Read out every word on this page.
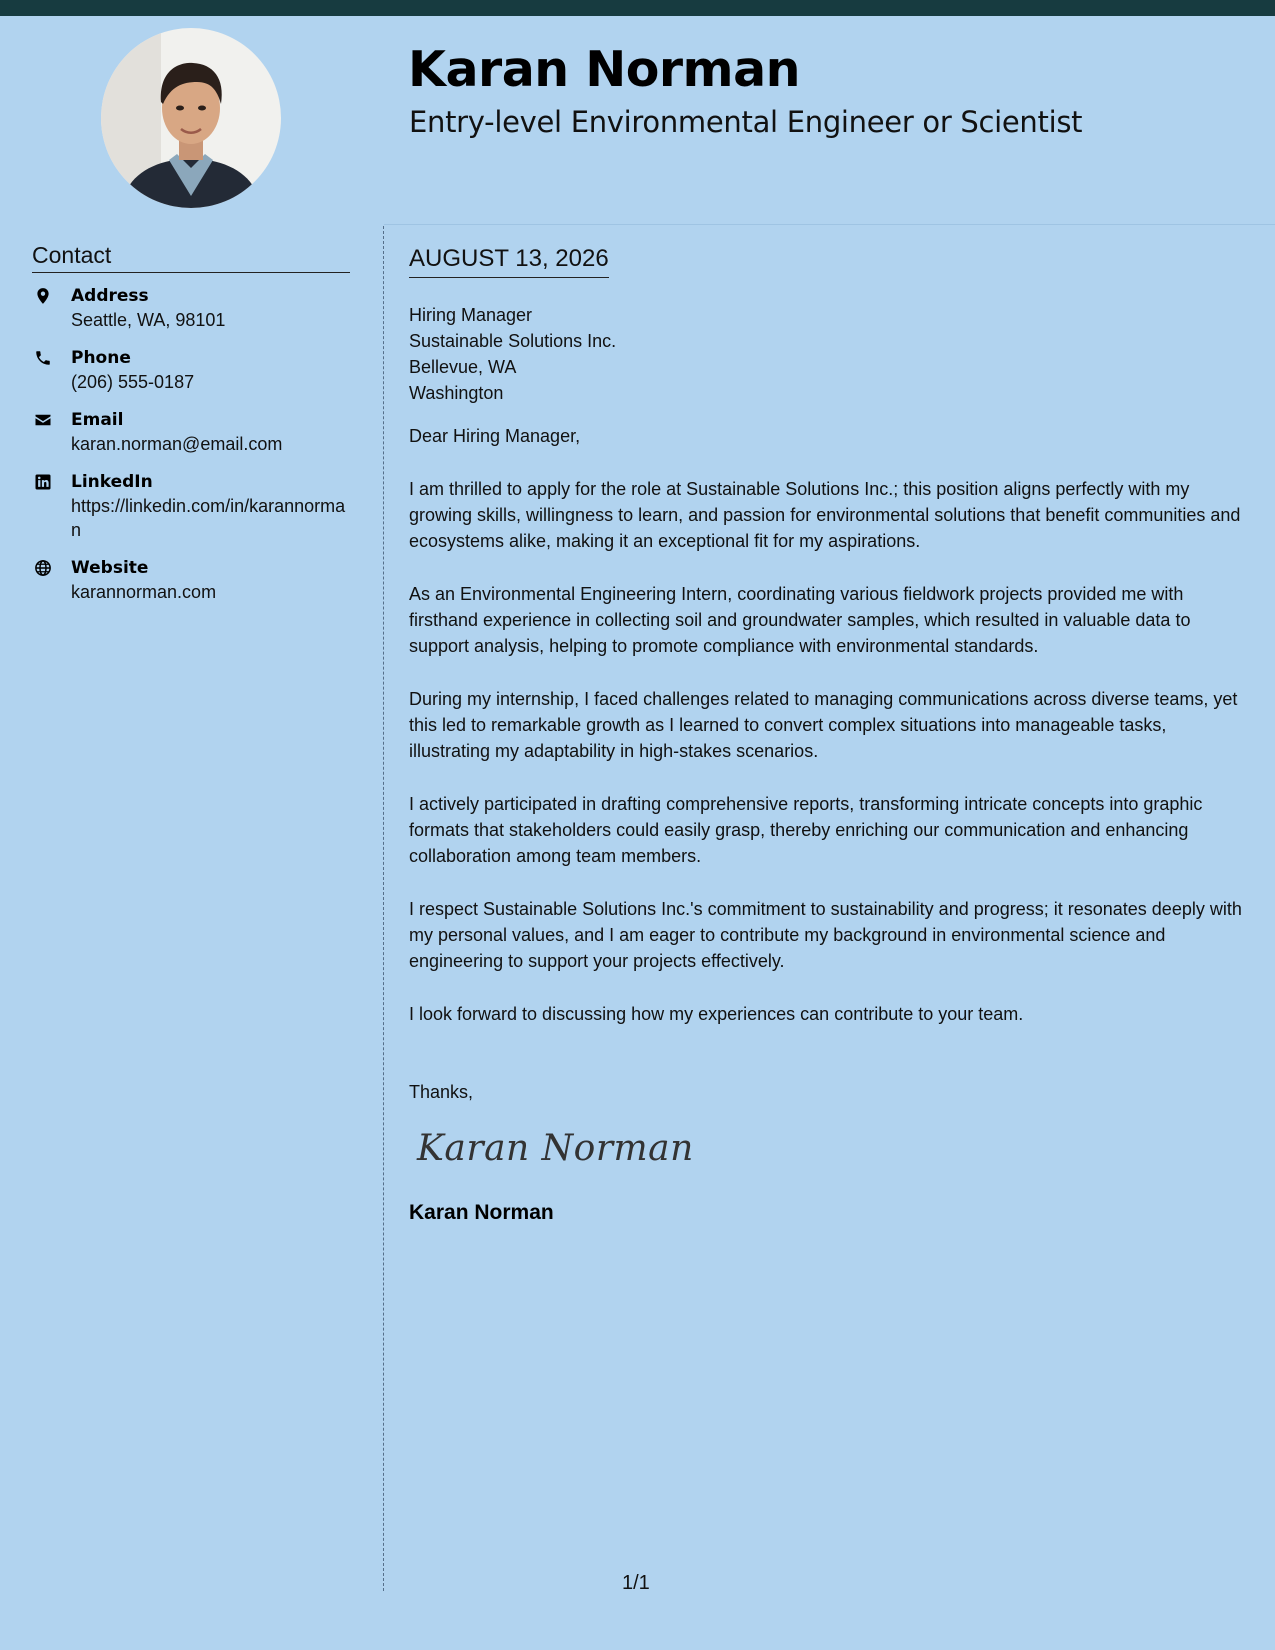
Karan Norman
Entry-level Environmental Engineer or Scientist
Contact
Address
Seattle, WA, 98101
Phone
(206) 555-0187
Email
karan.norman@email.com
LinkedIn
https://linkedin.com/in/karannorman
Website
karannorman.com
AUGUST 13, 2026

Hiring Manager

Sustainable Solutions Inc.

Bellevue, WA

Washington

Dear Hiring Manager,

I am thrilled to apply for the role at Sustainable Solutions Inc.; this position aligns perfectly with my growing skills, willingness to learn, and passion for environmental solutions that benefit communities and ecosystems alike, making it an exceptional fit for my aspirations.

As an Environmental Engineering Intern, coordinating various fieldwork projects provided me with firsthand experience in collecting soil and groundwater samples, which resulted in valuable data to support analysis, helping to promote compliance with environmental standards.

During my internship, I faced challenges related to managing communications across diverse teams, yet this led to remarkable growth as I learned to convert complex situations into manageable tasks, illustrating my adaptability in high-stakes scenarios.

I actively participated in drafting comprehensive reports, transforming intricate concepts into graphic formats that stakeholders could easily grasp, thereby enriching our communication and enhancing collaboration among team members.

I respect Sustainable Solutions Inc.'s commitment to sustainability and progress; it resonates deeply with my personal values, and I am eager to contribute my background in environmental science and engineering to support your projects effectively.

I look forward to discussing how my experiences can contribute to your team.

Thanks,

Karan Norman

Karan Norman

1/1
